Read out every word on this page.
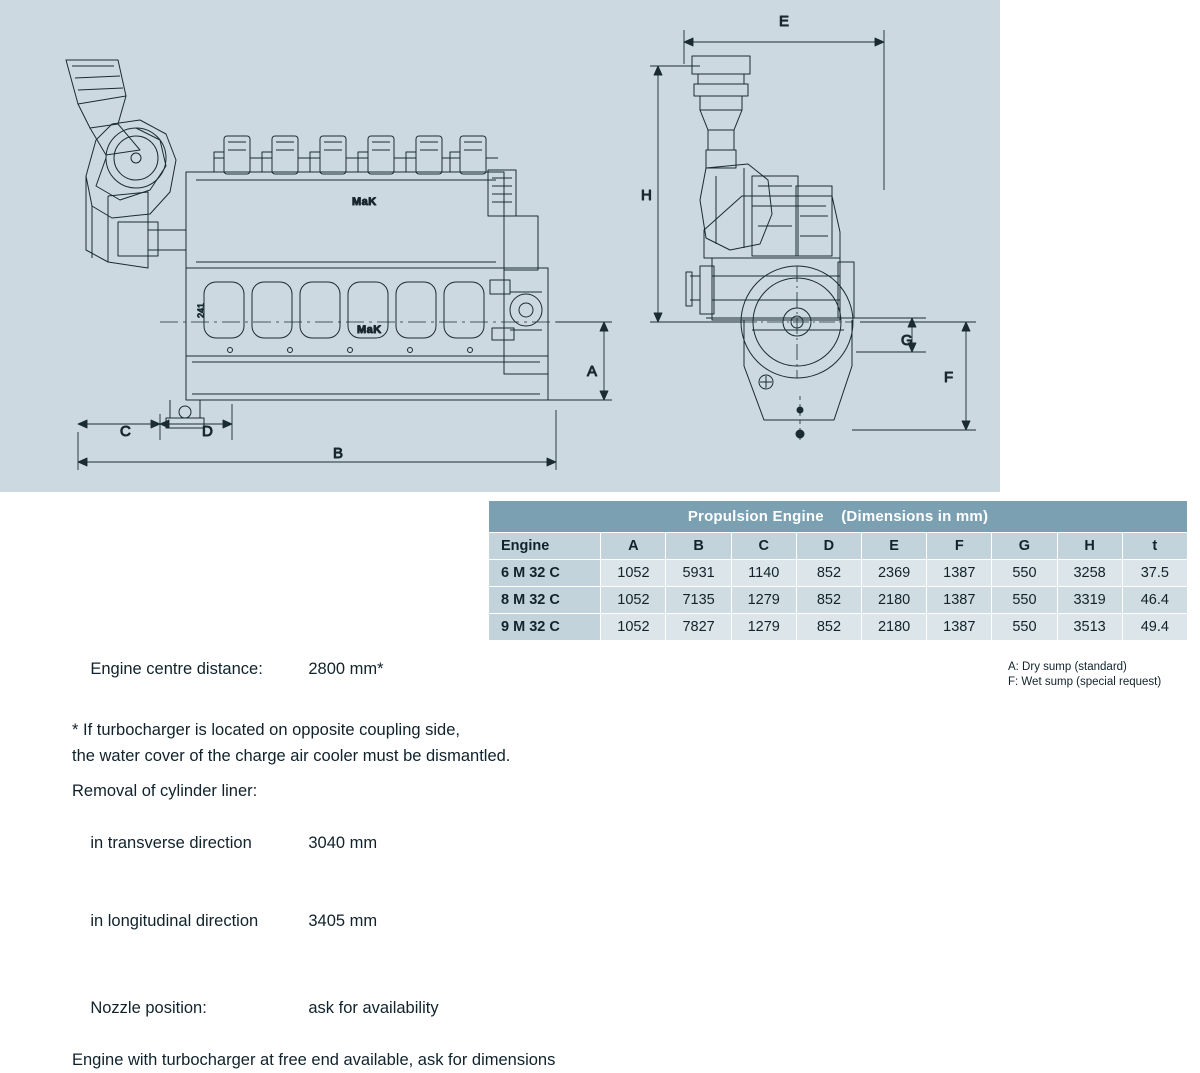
A
B
C	D
MaK
MaK
241
E
H
G
F
Propulsion Engine (Dimensions in mm)									
Engine	A	B	C	D	E	F	G	H	t
6 M 32 C	1052	5931	1140	852	2369	1387	550	3258	37.5
8 M 32 C	1052	7135	1279	852	2180	1387	550	3319	46.4
9 M 32 C	1052	7827	1279	852	2180	1387	550	3513	49.4
A: Dry sump (standard)
F: Wet sump (special request)

Engine centre distance:	2800 mm*

* If turbocharger is located on opposite coupling side,
the water cover of the charge air cooler must be dismantled.
Removal of cylinder liner:

in transverse direction	3040 mm

in longitudinal direction	3405 mm

Nozzle position:	ask for availability

Engine with turbocharger at free end available, ask for dimensions
